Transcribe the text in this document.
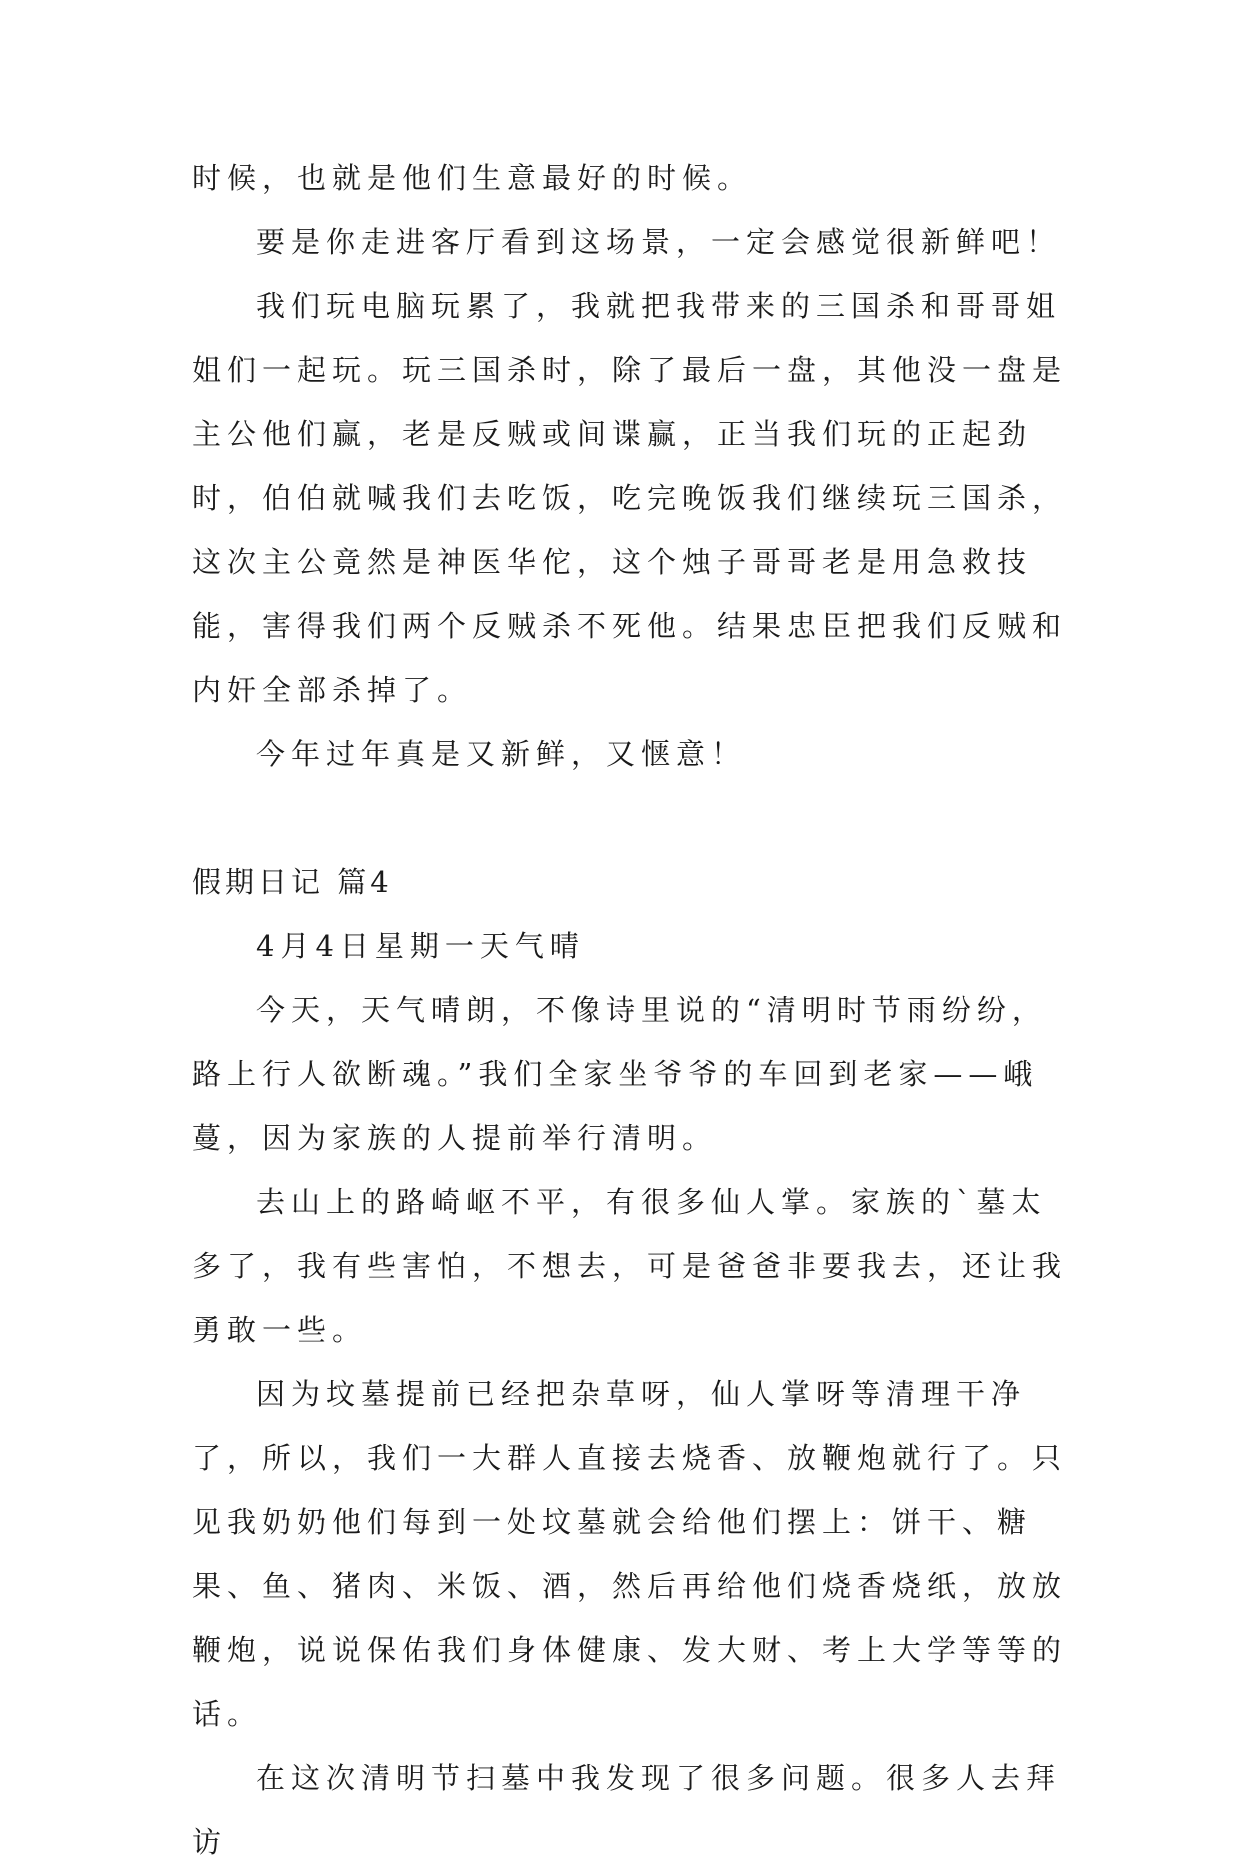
时候，也就是他们生意最好的时候。

要是你走进客厅看到这场景，一定会感觉很新鲜吧！

我们玩电脑玩累了，我就把我带来的三国杀和哥哥姐姐们一起玩。玩三国杀时，除了最后一盘，其他没一盘是主公他们赢，老是反贼或间谍赢，正当我们玩的正起劲时，伯伯就喊我们去吃饭，吃完晚饭我们继续玩三国杀，这次主公竟然是神医华佗，这个烛子哥哥老是用急救技能，害得我们两个反贼杀不死他。结果忠臣把我们反贼和内奸全部杀掉了。

今年过年真是又新鲜，又惬意！

假期日记 篇4

4月4日星期一天气晴

今天，天气晴朗，不像诗里说的“清明时节雨纷纷，路上行人欲断魂。”我们全家坐爷爷的车回到老家——峨蔓，因为家族的人提前举行清明。

去山上的路崎岖不平，有很多仙人掌。家族的`墓太多了，我有些害怕，不想去，可是爸爸非要我去，还让我勇敢一些。

因为坟墓提前已经把杂草呀，仙人掌呀等清理干净了，所以，我们一大群人直接去烧香、放鞭炮就行了。只见我奶奶他们每到一处坟墓就会给他们摆上：饼干、糖果、鱼、猪肉、米饭、酒，然后再给他们烧香烧纸，放放鞭炮，说说保佑我们身体健康、发大财、考上大学等等的话。

在这次清明节扫墓中我发现了很多问题。很多人去拜访
